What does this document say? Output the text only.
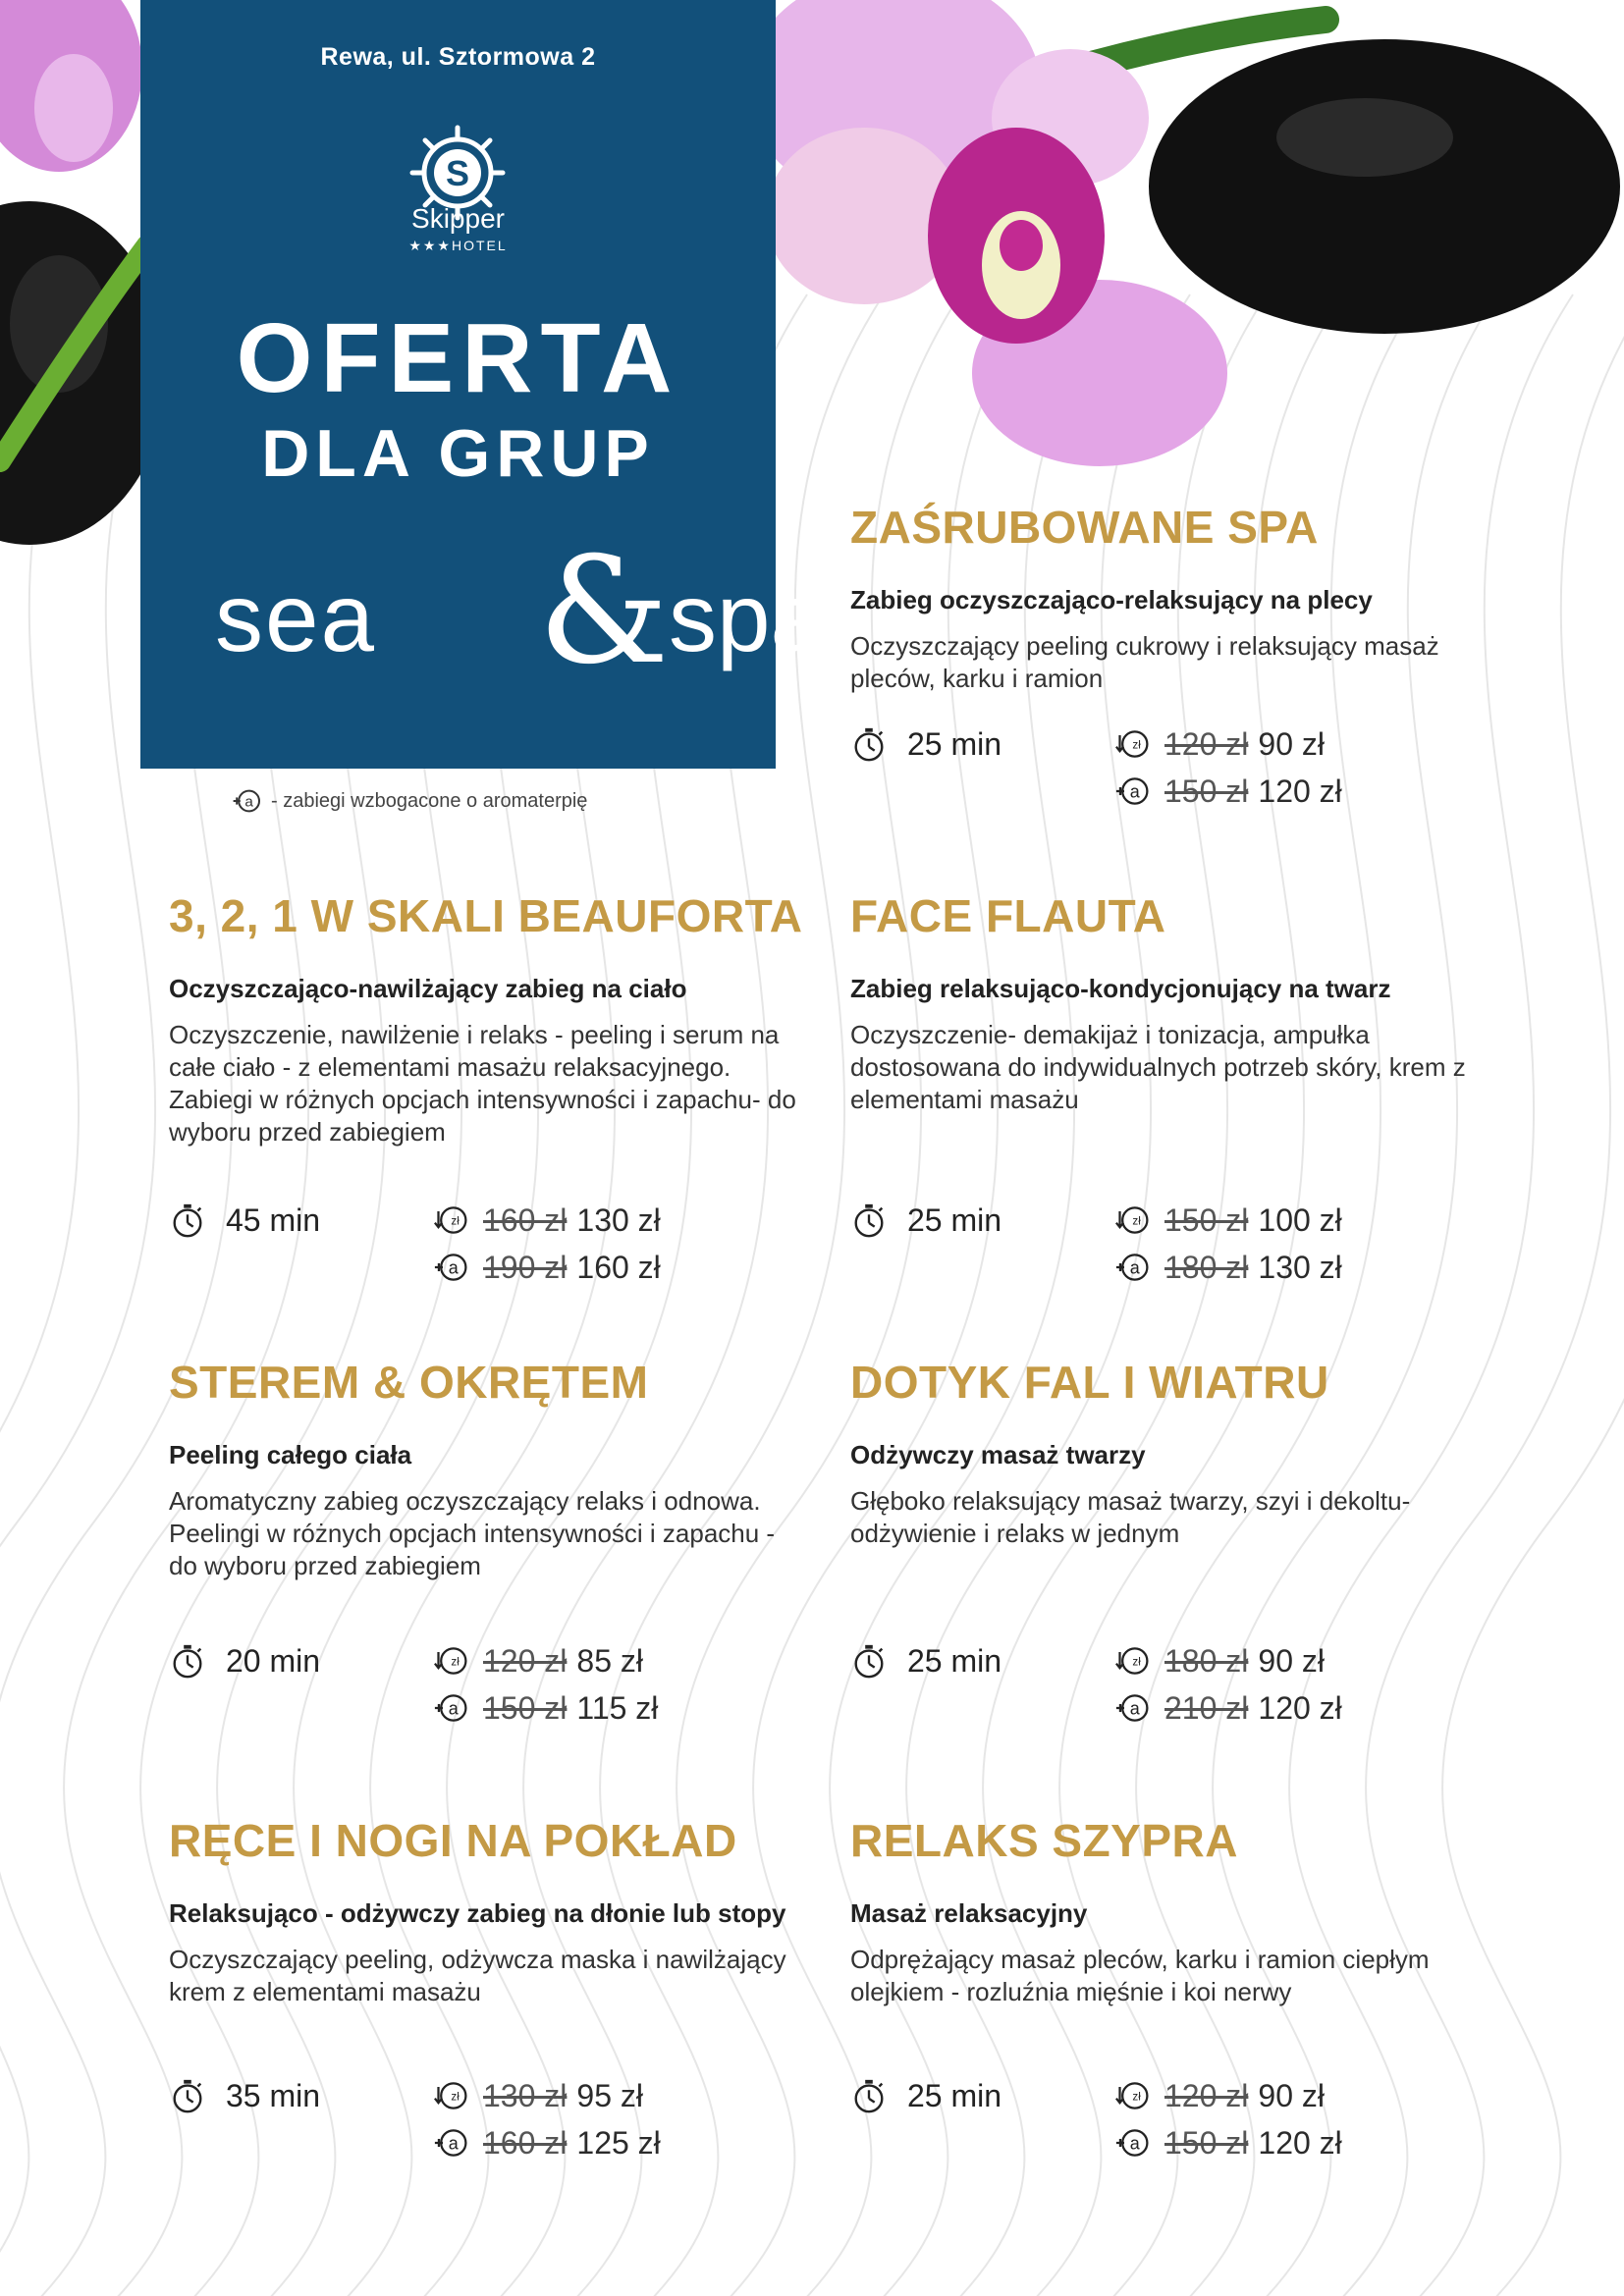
Rewa, ul. Sztormowa 2
S
Skipper
★★★HOTEL
OFERTA
DLA GRUP
sea & spa
a - zabiegi wzbogacone o aromaterpię
ZAŚRUBOWANE SPA
Zabieg oczyszczająco-relaksujący na plecy
Oczyszczający peeling cukrowy i relaksujący masaż pleców, karku i ramion
25 min	zł 120 zł 90 zł
a 150 zł 120 zł
3, 2, 1 W SKALI BEAUFORTA
Oczyszczająco-nawilżający zabieg na ciało
Oczyszczenie, nawilżenie i relaks - peeling i serum na całe ciało - z elementami masażu relaksacyjnego. Zabiegi w różnych opcjach intensywności i zapachu- do wyboru przed zabiegiem
45 min	zł 160 zł 130 zł
a 190 zł 160 zł
FACE FLAUTA
Zabieg relaksująco-kondycjonujący na twarz
Oczyszczenie- demakijaż i tonizacja, ampułka dostosowana do indywidualnych potrzeb skóry, krem z elementami masażu
25 min	zł 150 zł 100 zł
a 180 zł 130 zł
STEREM & OKRĘTEM
Peeling całego ciała
Aromatyczny zabieg oczyszczający relaks i odnowa. Peelingi w różnych opcjach intensywności i zapachu - do wyboru przed zabiegiem
20 min	zł 120 zł 85 zł
a 150 zł 115 zł
DOTYK FAL I WIATRU
Odżywczy masaż twarzy
Głęboko relaksujący masaż twarzy, szyi i dekoltu-odżywienie i relaks w jednym
25 min	zł 180 zł 90 zł
a 210 zł 120 zł
RĘCE I NOGI NA POKŁAD
Relaksująco - odżywczy zabieg na dłonie lub stopy
Oczyszczający peeling, odżywcza maska i nawilżający krem z elementami masażu
35 min	zł 130 zł 95 zł
a 160 zł 125 zł
RELAKS SZYPRA
Masaż relaksacyjny
Odprężający masaż pleców, karku i ramion ciepłym olejkiem - rozluźnia mięśnie i koi nerwy
25 min	zł 120 zł 90 zł
a 150 zł 120 zł
